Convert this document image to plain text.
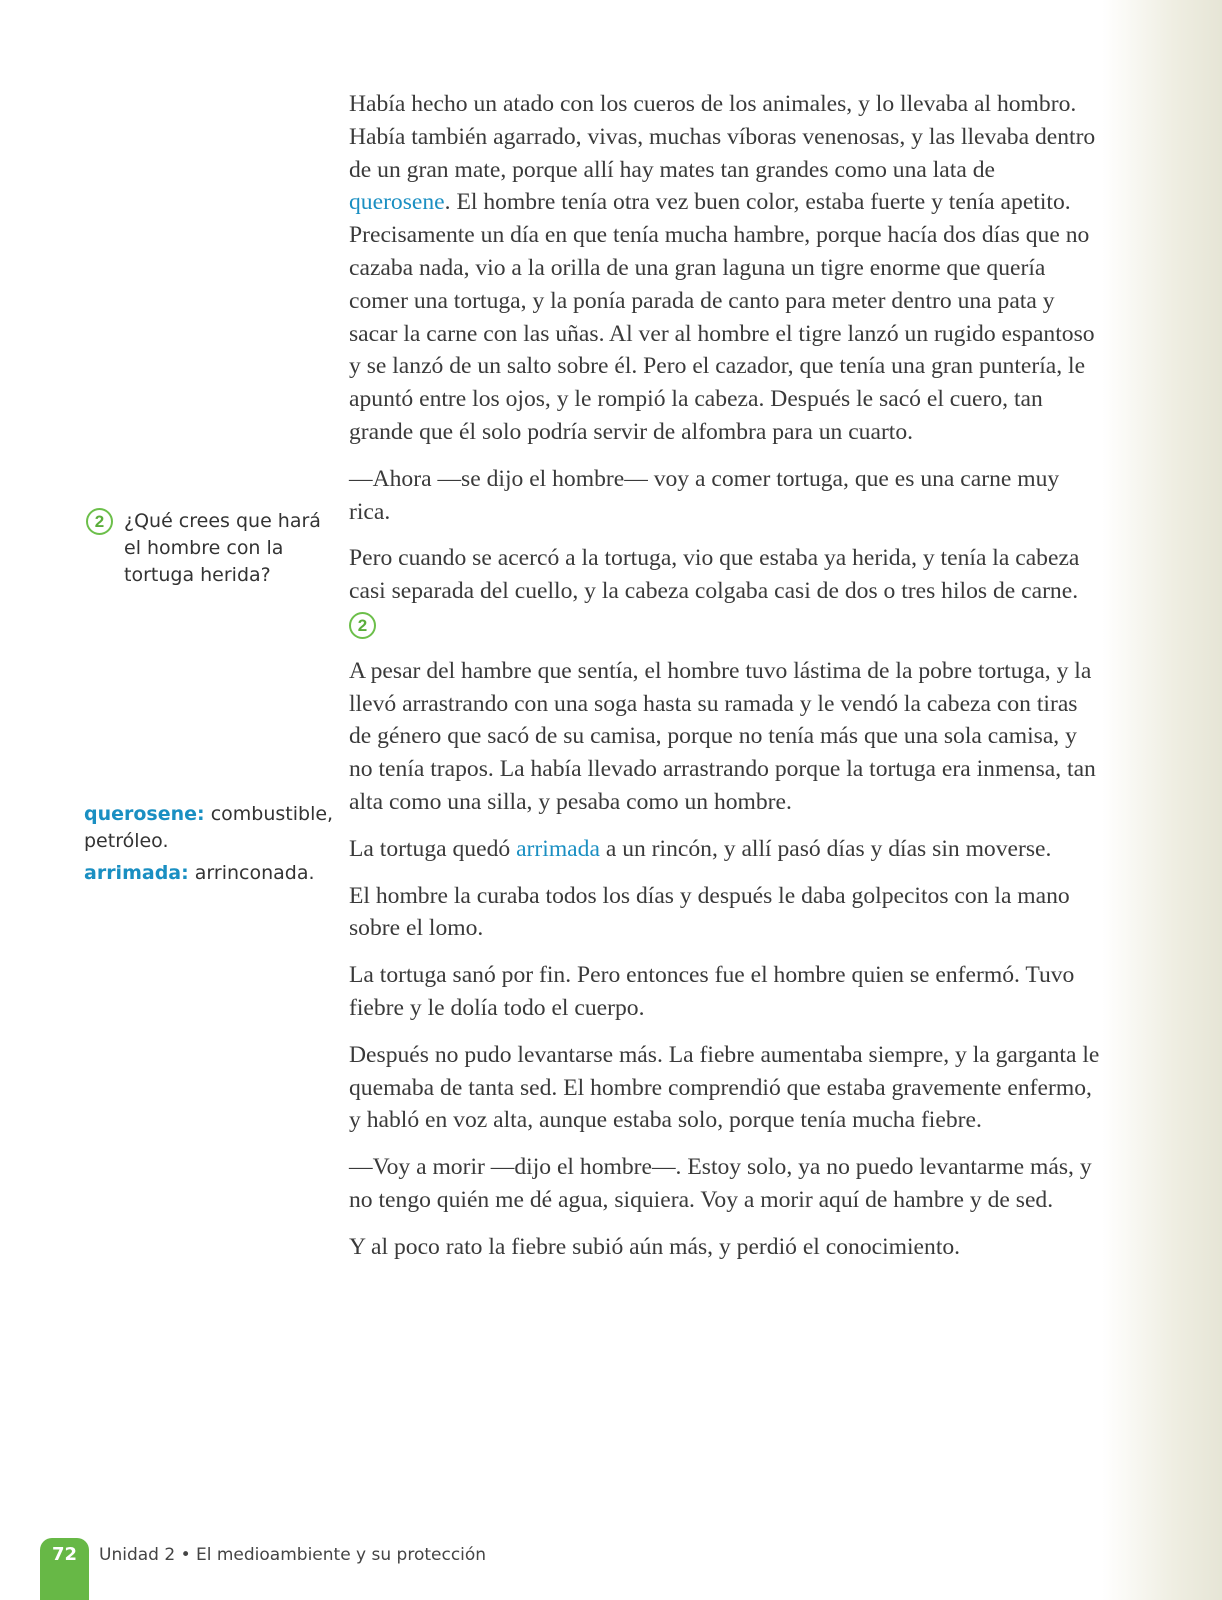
Había hecho un atado con los cueros de los animales, y lo llevaba al hombro. Había también agarrado, vivas, muchas víboras venenosas, y las llevaba dentro de un gran mate, porque allí hay mates tan grandes como una lata de querosene. El hombre tenía otra vez buen color, estaba fuerte y tenía apetito. Precisamente un día en que tenía mucha hambre, porque hacía dos días que no cazaba nada, vio a la orilla de una gran laguna un tigre enorme que quería comer una tortuga, y la ponía parada de canto para meter dentro una pata y sacar la carne con las uñas. Al ver al hombre el tigre lanzó un rugido espantoso y se lanzó de un salto sobre él. Pero el cazador, que tenía una gran puntería, le apuntó entre los ojos, y le rompió la cabeza. Después le sacó el cuero, tan grande que él solo podría servir de alfombra para un cuarto.

—Ahora —se dijo el hombre— voy a comer tortuga, que es una carne muy rica.

Pero cuando se acercó a la tortuga, vio que estaba ya herida, y tenía la cabeza casi separada del cuello, y la cabeza colgaba casi de dos o tres hilos de carne. 2

A pesar del hambre que sentía, el hombre tuvo lástima de la pobre tortuga, y la llevó arrastrando con una soga hasta su ramada y le vendó la cabeza con tiras de género que sacó de su camisa, porque no tenía más que una sola camisa, y no tenía trapos. La había llevado arrastrando porque la tortuga era inmensa, tan alta como una silla, y pesaba como un hombre.

La tortuga quedó arrimada a un rincón, y allí pasó días y días sin moverse.

El hombre la curaba todos los días y después le daba golpecitos con la mano sobre el lomo.

La tortuga sanó por fin. Pero entonces fue el hombre quien se enfermó. Tuvo fiebre y le dolía todo el cuerpo.

Después no pudo levantarse más. La fiebre aumentaba siempre, y la garganta le quemaba de tanta sed. El hombre comprendió que estaba gravemente enfermo, y habló en voz alta, aunque estaba solo, porque tenía mucha fiebre.

—Voy a morir —dijo el hombre—. Estoy solo, ya no puedo levantarme más, y no tengo quién me dé agua, siquiera. Voy a morir aquí de hambre y de sed.

Y al poco rato la fiebre subió aún más, y perdió el conocimiento.

2	¿Qué crees que hará el hombre con la tortuga herida?
querosene: combustible, petróleo.
arrimada: arrinconada.
72	Unidad 2 • El medioambiente y su protección
